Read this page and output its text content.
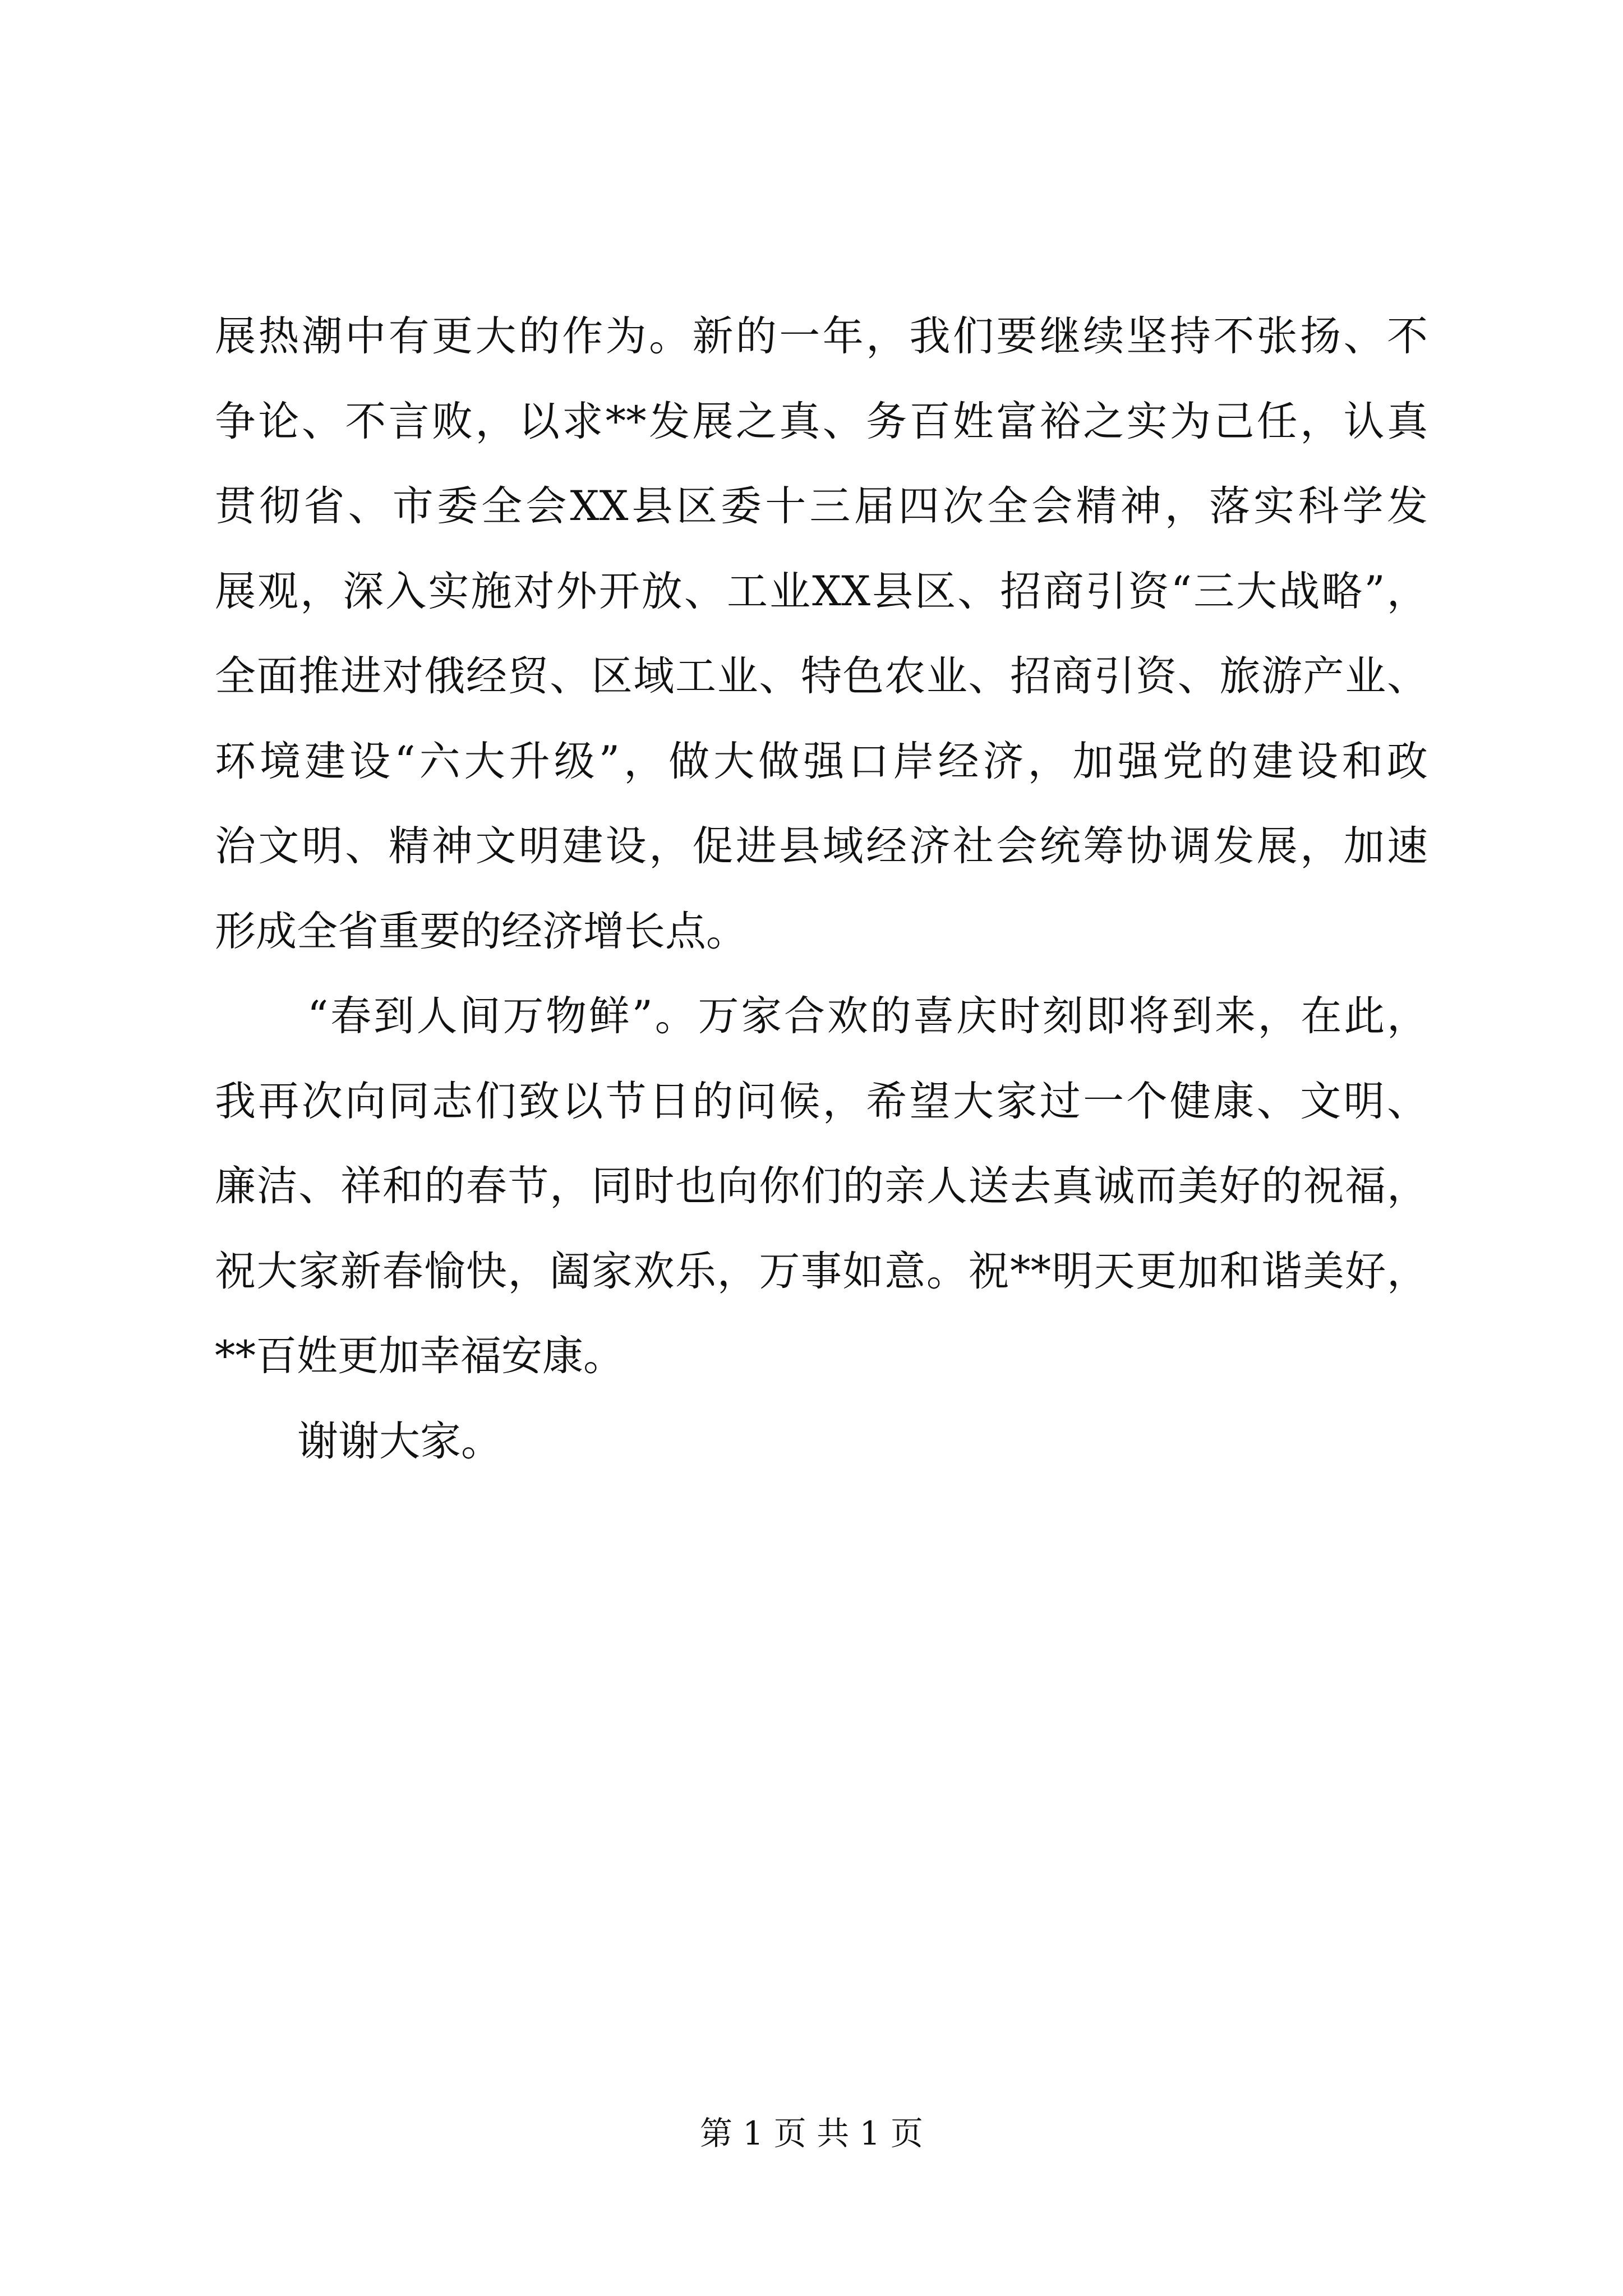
展 热 潮 中 有 更 大 的 作 为 。 新 的 一 年 ， 我 们 要 继 续 坚 持 不 张 扬 、 不
争 论 、 不 言 败 ， 以 求 ** 发 展 之 真 、 务 百 姓 富 裕 之 实 为 己 任 ， 认 真
贯 彻 省 、 市 委 全 会 XX 县 区 委 十 三 届 四 次 全 会 精 神 ， 落 实 科 学 发
展 观 ， 深 入 实 施 对 外 开 放 、 工 业 XX 县 区 、 招 商 引 资 “ 三 大 战 略 ” ，
全 面 推 进 对 俄 经 贸 、 区 域 工 业 、 特 色 农 业 、 招 商 引 资 、 旅 游 产 业 、
环 境 建 设 “ 六 大 升 级 ” ， 做 大 做 强 口 岸 经 济 ， 加 强 党 的 建 设 和 政
治 文 明 、 精 神 文 明 建 设 ， 促 进 县 域 经 济 社 会 统 筹 协 调 发 展 ， 加 速
形成全省重要的经济增长点。
“ 春 到 人 间 万 物 鲜 ” 。 万 家 合 欢 的 喜 庆 时 刻 即 将 到 来 ， 在 此 ，
我 再 次 向 同 志 们 致 以 节 日 的 问 候 ， 希 望 大 家 过 一 个 健 康 、 文 明 、
廉 洁 、 祥 和 的 春 节 ， 同 时 也 向 你 们 的 亲 人 送 去 真 诚 而 美 好 的 祝 福 ，
祝 大 家 新 春 愉 快 ， 阖 家 欢 乐 ， 万 事 如 意 。 祝 ** 明 天 更 加 和 谐 美 好 ，
**百姓更加幸福安康。
谢谢大家。
第 1 页 共 1 页
